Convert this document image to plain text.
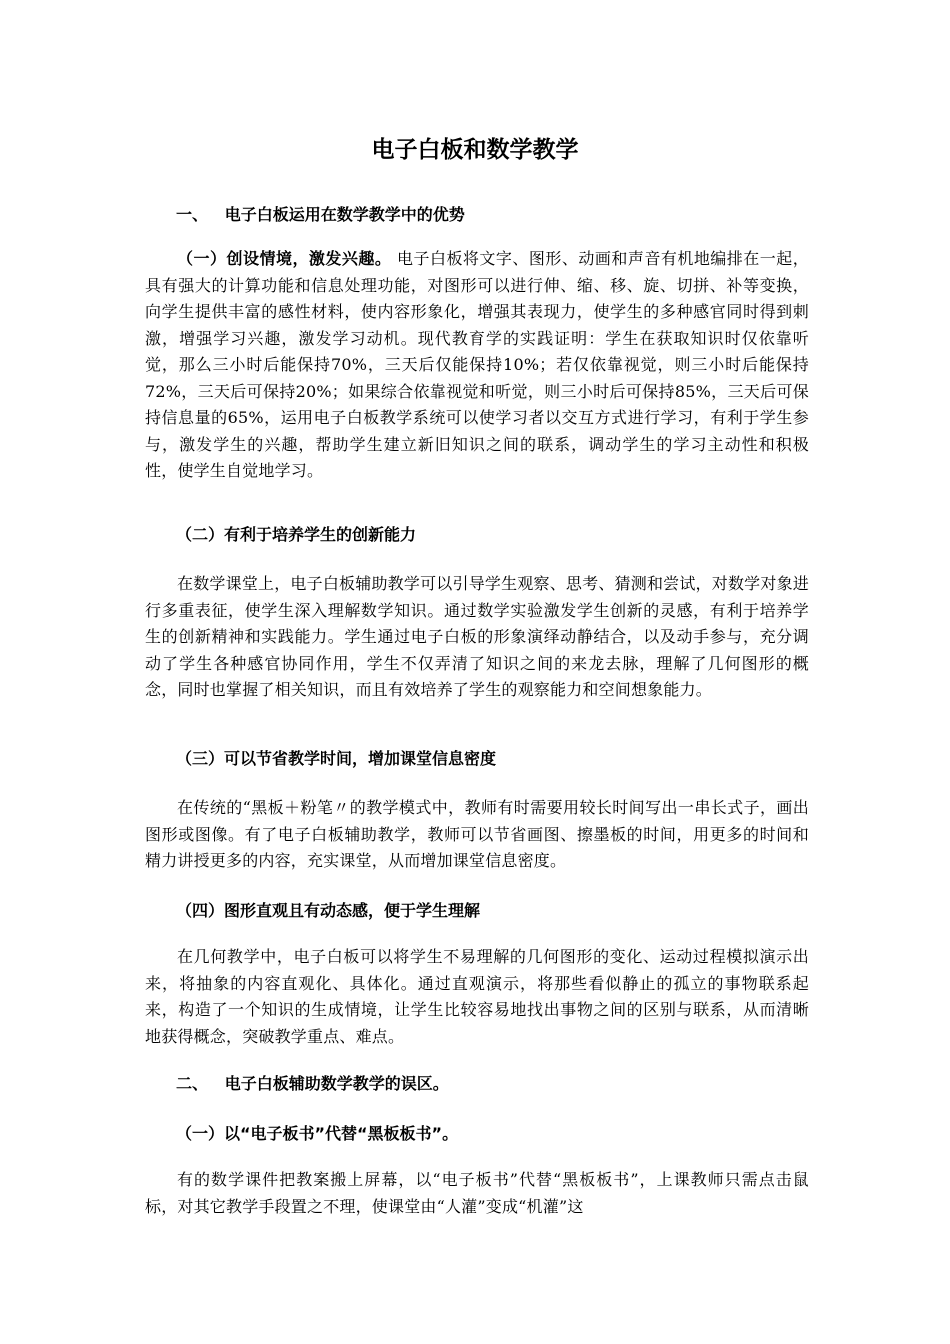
电子白板和数学教学
一、   电子白板运用在数学教学中的优势
（一）创设情境，激发兴趣。 电子白板将文字、图形、动画和声音有机地编排在一起，具有强大的计算功能和信息处理功能，对图形可以进行伸、缩、移、旋、切拼、补等变换，向学生提供丰富的感性材料，使内容形象化，增强其表现力，使学生的多种感官同时得到刺激，增强学习兴趣，激发学习动机。现代教育学的实践证明：学生在获取知识时仅依靠听觉，那么三小时后能保持70%，三天后仅能保持10%；若仅依靠视觉，则三小时后能保持72%，三天后可保持20%；如果综合依靠视觉和听觉，则三小时后可保持85%，三天后可保持信息量的65%，运用电子白板教学系统可以使学习者以交互方式进行学习，有利于学生参与，激发学生的兴趣，帮助学生建立新旧知识之间的联系，调动学生的学习主动性和积极性，使学生自觉地学习。
（二）有利于培养学生的创新能力
在数学课堂上，电子白板辅助教学可以引导学生观察、思考、猜测和尝试，对数学对象进行多重表征，使学生深入理解数学知识。通过数学实验激发学生创新的灵感，有利于培养学生的创新精神和实践能力。学生通过电子白板的形象演绎动静结合，以及动手参与，充分调动了学生各种感官协同作用，学生不仅弄清了知识之间的来龙去脉，理解了几何图形的概念，同时也掌握了相关知识，而且有效培养了学生的观察能力和空间想象能力。
（三）可以节省教学时间，增加课堂信息密度
在传统的“黑板＋粉笔〃的教学模式中，教师有时需要用较长时间写出一串长式子，画出图形或图像。有了电子白板辅助教学，教师可以节省画图、擦墨板的时间，用更多的时间和精力讲授更多的内容，充实课堂，从而增加课堂信息密度。
（四）图形直观且有动态感，便于学生理解
在几何教学中，电子白板可以将学生不易理解的几何图形的变化、运动过程模拟演示出来，将抽象的内容直观化、具体化。通过直观演示，将那些看似静止的孤立的事物联系起来，构造了一个知识的生成情境，让学生比较容易地找出事物之间的区别与联系，从而清晰地获得概念，突破教学重点、难点。
二、   电子白板辅助数学教学的误区。
（一）以“电子板书”代替“黑板板书”。
有的数学课件把教案搬上屏幕，以“电子板书”代替“黑板板书”，上课教师只需点击鼠标，对其它教学手段置之不理，使课堂由“人灌”变成“机灌”这
